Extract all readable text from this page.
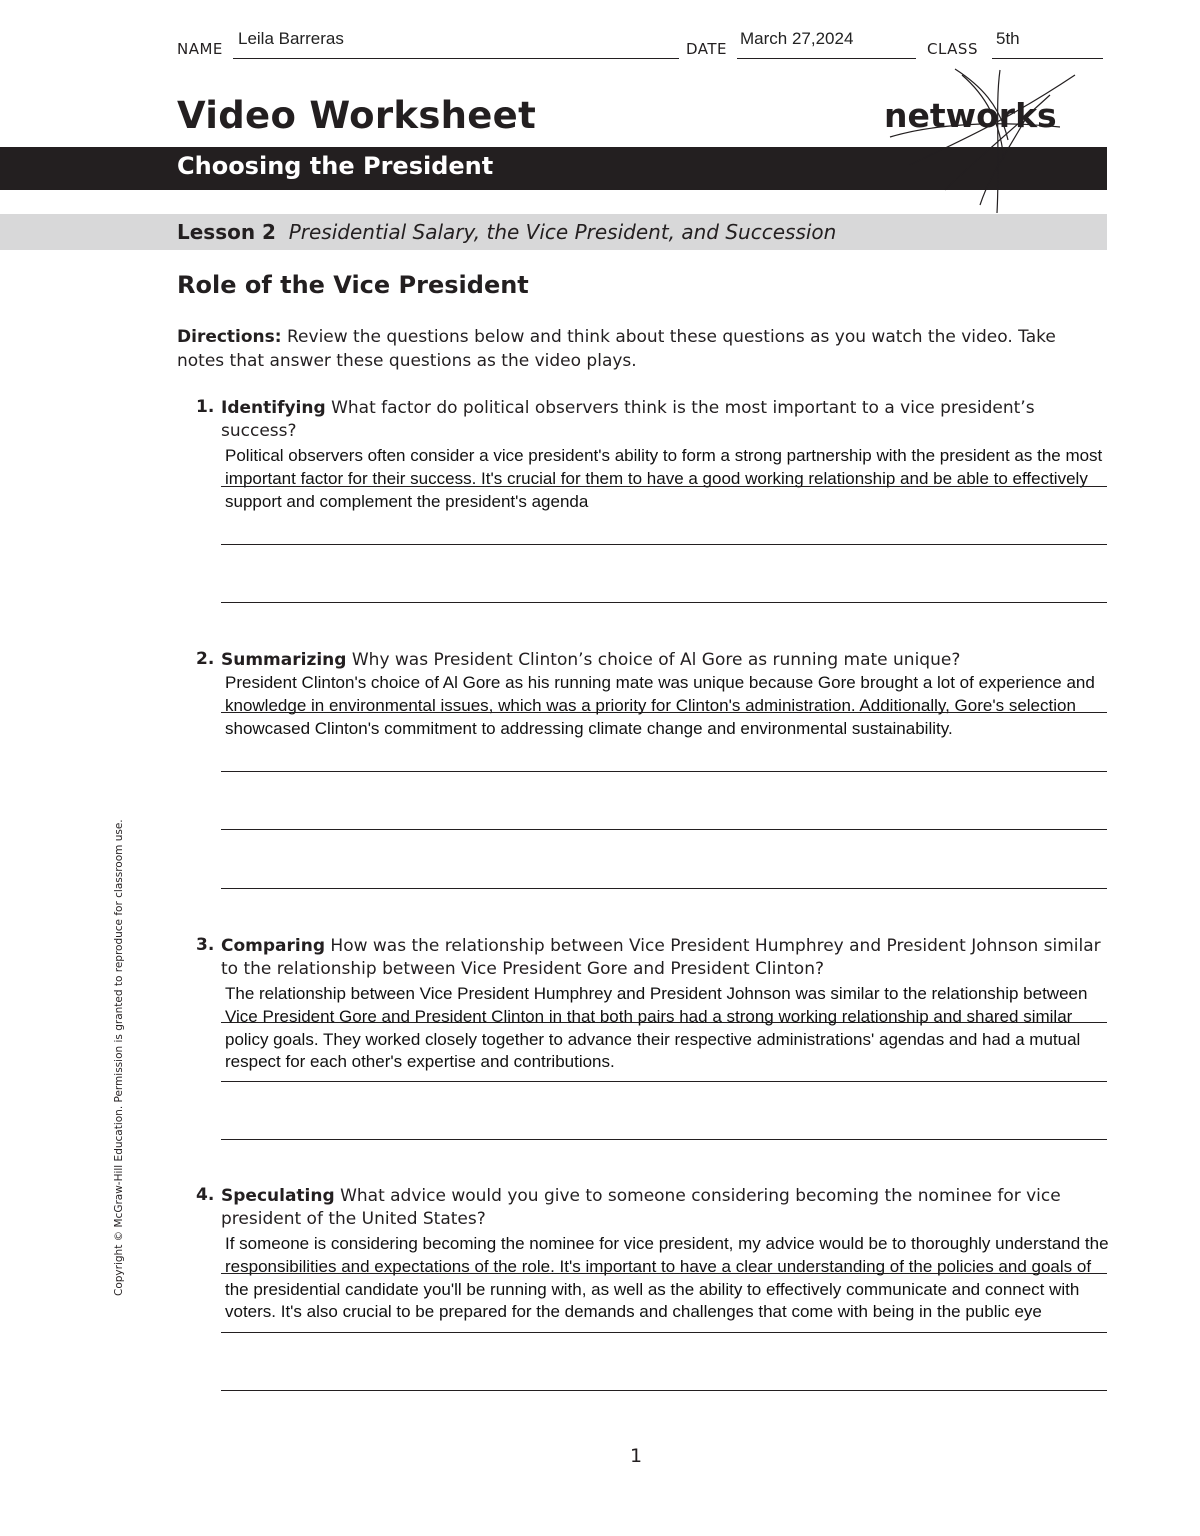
NAME
Leila Barreras
DATE
March 27,2024
CLASS
5th
Video Worksheet
Choosing the President
Lesson 2 Presidential Salary, the Vice President, and Succession
networks
Role of the Vice President
Directions: Review the questions below and think about these questions as you watch the video. Take notes that answer these questions as the video plays.
1. Identifying What factor do political observers think is the most important to a vice president’s success?
Political observers often consider a vice president's ability to form a strong partnership with the president as the most important factor for their success. It's crucial for them to have a good working relationship and be able to effectively support and complement the president's agenda
2. Summarizing Why was President Clinton’s choice of Al Gore as running mate unique?
President Clinton's choice of Al Gore as his running mate was unique because Gore brought a lot of experience and knowledge in environmental issues, which was a priority for Clinton's administration. Additionally, Gore's selection showcased Clinton's commitment to addressing climate change and environmental sustainability.
3. Comparing How was the relationship between Vice President Humphrey and President Johnson similar to the relationship between Vice President Gore and President Clinton?
The relationship between Vice President Humphrey and President Johnson was similar to the relationship between Vice President Gore and President Clinton in that both pairs had a strong working relationship and shared similar policy goals. They worked closely together to advance their respective administrations' agendas and had a mutual respect for each other's expertise and contributions.
4. Speculating What advice would you give to someone considering becoming the nominee for vice president of the United States?
If someone is considering becoming the nominee for vice president, my advice would be to thoroughly understand the responsibilities and expectations of the role. It's important to have a clear understanding of the policies and goals of the presidential candidate you'll be running with, as well as the ability to effectively communicate and connect with voters. It's also crucial to be prepared for the demands and challenges that come with being in the public eye
Copyright © McGraw-Hill Education. Permission is granted to reproduce for classroom use.
1
